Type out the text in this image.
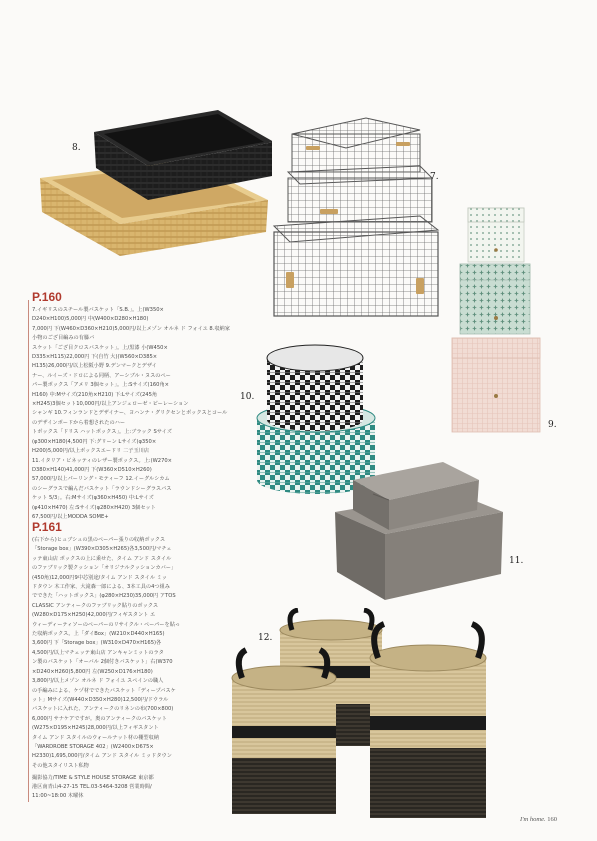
8.
7.
9.
10.
11.
12.
P.160

7.イギリスのスチール製バスケット「S.B.」。上(W350×

D240×H100)5,000円 中(W400×D280×H180)

7,000円 下(W460×D360×H210)5,000円/以上メゾン オルネ ド フォイユ 8.収納家小物のござ目編みの有籐バ

スケット「ござ目クロスバスケット」。上/黒漆 小(W450×

D335×H115)22,000円 下(自竹 大)(W560×D385×

H135)26,000円/以上松阪小野 9.デンマークとデザイ

ナー、ルイーズ・ドロによる同柄、アーシブル・ヌスのペー

パー製ボックス「アメリ 3個セット」。上:Sサイズ(160角×

H160) 中:Mサイズ(210角×H210) 下:Lサイズ(245角

×H245)3個セット10,000円/以上アンジェローゼ・ピーレーション

シャンギ 10.フィンランドとデザイナー、ヨハンナ・グリクセンとボックスとコールのデザインボードから着想されたのハー

トボックス「ドリス ハットボックス」。上:ブラック Sサイズ

(φ300×H180)4,500円 下:グリーン Lサイズ(φ350×

H200)5,000円/以上ボックスエードリ 二子玉川店

11.イタリア・ビネッティのレザー製ボックス。上:(W270×

D380×H140)41,000円 下(W360×D510×H260)

57,000円/以上パーリング・モティーフ 12.イーグルシカム

のシーグラスで編んだバスケット「ラウンドシーグラスバス

ケット 5/3」。右:Mサイズ(φ360×H450) 中:Lサイズ

(φ410×H470) 左:Sサイズ(φ280×H420) 3個セット

67,500円/以上MODDA SOME+

P.161

(右下から)ヒュブシュの黒のペーパー張りの収納ボックス

「Storage box」(W390×D305×H265)各3,500円/マチェ

ッテ東山店 ボックスの上に乗せた、タイム アンド スタイル

のファブリック製クッション「オリジナルクッションカバー」

(450角)12,000円9中芯別途/タイム アンド スタイル ミッ

ドタウン 木工作家、大滝森一郎による、3本工具の4つ組み

でできた「ハットボックス」(φ280×H230)35,000円 アTOS

CLASSIC アンティークのファブリック貼りのボックス

(W280×D175×H250)42,000円/フィギスタント エ

ウィーディーティソーのペーパーのリサイクル・ペーパーを貼っ

た収納ボックス。上「ダイBox」(W210×D440×H165)

3,600円 下「Storage box」(W310×D470×H165)各

4,500円/以上マチェッテ東山店 アンキャンミットのラタ

ン製のバスケット「オーバル 2個付きバスケット」右(W370

×D240×H260)5,800円 左(W250×D176×H180)

3,800円/以上メゾン オルネ ド フォイユ スペインの職人

の手編みによる、ケヅ材でできたバスケット「ディープバスケ

ット」Mサイズ(W440×D350×H280)12,500円/ドウラル

バスケットに入れた、アンティークのリネンの布(700×800)

6,000円 サナケアですが。奥のアンティークのバスケット

(W275×D195×H245)28,000円/以上フィギスタント

タイム アンド スタイルのウォールナット材の棚型収納

「WARDROBE STORAGE 402」(W2400×D675×

H2330)1,695,000円/タイム アンド スタイル ミッドタウン

その他スタイリスト私物

撮影協力/TIME & STYLE HOUSE STORAGE 東京都
港区南青山4-27-15 TEL.03-5464-3208 営業時間/
11:00~18:00 木曜休
I'm home. 160
